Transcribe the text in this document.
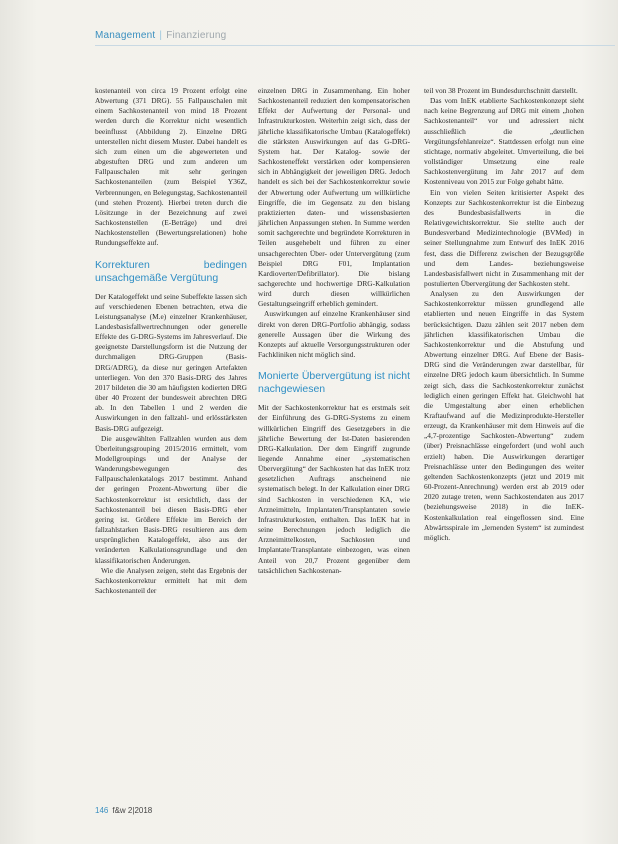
Management | Finanzierung

kostenanteil von circa 19 Prozent erfolgt eine Abwertung (371 DRG). 55 Fallpauschalen mit einem Sachkostenanteil von mind 18 Prozent werden durch die Korrektur nicht wesentlich beeinflusst (Abbildung 2). Einzelne DRG unterstellen nicht diesem Muster. Dabei handelt es sich zum einen um die abgewerteten und abgestuften DRG und zum anderen um Fallpauschalen mit sehr geringen Sachkostenanteilen (zum Beispiel Y36Z, Verbrennungen, en Belegungstag, Sachkostenanteil (und stehen Prozent). Hierbei treten durch die Lösitzunge in der Bezeichnung auf zwei Sachkostenstellen (E-Beträge) und drei Nachkostenstellen (Bewertungsrelationen) hohe Rundungseffekte auf.

Korrekturen bedingen unsachgemäße Vergütung

Der Katalogeffekt und seine Subeffekte lassen sich auf verschiedenen Ebenen betrachten, etwa die Leistungsanalyse (M.e) einzelner Krankenhäuser, Landesbasisfallwertrechnungen oder generelle Effekte des G-DRG-Systems im Jahresverlauf. Die geeignetste Darstellungsform ist die Nutzung der durchmaligen DRG-Gruppen (Basis-DRG/ADRG), da diese nur geringen Artefakten unterliegen. Von den 370 Basis-DRG des Jahres 2017 bildeten die 30 am häufigsten kodierten DRG über 40 Prozent der bundesweit abrechten DRG ab. In den Tabellen 1 und 2 werden die Auswirkungen in den fallzahl- und erlösstärksten Basis-DRG aufgezeigt.

Die ausgewählten Fallzahlen wurden aus dem Überleitungsgrouping 2015/2016 ermittelt, vom Modellgroupings und der Analyse der Wanderungsbewegungen des Fallpauschalenkatalogs 2017 bestimmt. Anhand der geringen Prozent-Abwertung über die Sachkostenkorrektur ist ersichtlich, dass der Sachkostenanteil bei diesen Basis-DRG eher gering ist. Größere Effekte im Bereich der fallzahlstarken Basis-DRG resultieren aus dem ursprünglichen Katalogeffekt, also aus der veränderten Kalkulationsgrundlage und den klassifikatorischen Änderungen.

Wie die Analysen zeigen, steht das Ergebnis der Sachkostenkorrektur ermittelt hat mit dem Sachkostenanteil der

einzelnen DRG in Zusammenhang. Ein hoher Sachkostenanteil reduziert den kompensatorischen Effekt der Aufwertung der Personal- und Infrastrukturkosten. Weiterhin zeigt sich, dass der jährliche klassifikatorische Umbau (Katalogeffekt) die stärksten Auswirkungen auf das G-DRG-System hat. Der Katalog- sowie der Sachkosteneffekt verstärken oder kompensieren sich in Abhängigkeit der jeweiligen DRG. Jedoch handelt es sich bei der Sachkostenkorrektur sowie der Abwertung oder Aufwertung um willkürliche Eingriffe, die im Gegensatz zu den bislang praktizierten daten- und wissensbasierten jährlichen Anpassungen stehen. In Summe werden somit sachgerechte und begründete Korrekturen in Teilen ausgehebelt und führen zu einer unsachgerechten Über- oder Untervergütung (zum Beispiel DRG F01, Implantation Kardioverter/Defibrillator). Die bislang sachgerechte und hochwertige DRG-Kalkulation wird durch diesen willkürlichen Gestaltungseingriff erheblich gemindert.

Auswirkungen auf einzelne Krankenhäuser sind direkt von deren DRG-Portfolio abhängig, sodass generelle Aussagen über die Wirkung des Konzepts auf aktuelle Versorgungsstrukturen oder Fachkliniken nicht möglich sind.

Monierte Übervergütung ist nicht nachgewiesen

Mit der Sachkostenkorrektur hat es erstmals seit der Einführung des G-DRG-Systems zu einem willkürlichen Eingriff des Gesetzgebers in die jährliche Bewertung der Ist-Daten basierenden DRG-Kalkulation. Der dem Eingriff zugrunde liegende Annahme einer „systematischen Übervergütung“ der Sachkosten hat das InEK trotz gesetzlichen Auftrags anscheinend nie systematisch belegt. In der Kalkulation einer DRG sind Sachkosten in verschiedenen KA, wie Arzneimitteln, Implantaten/Transplantaten sowie Infrastrukturkosten, enthalten. Das InEK hat in seine Berechnungen jedoch lediglich die Arzneimittelkosten, Sachkosten und Implantate/Transplantate einbezogen, was einen Anteil von 20,7 Prozent gegenüber dem tatsächlichen Sachkostenan-

teil von 38 Prozent im Bundesdurchschnitt darstellt.

Das vom InEK etablierte Sachkostenkonzept sieht nach keine Begrenzung auf DRG mit einem „hohen Sachkostenanteil“ vor und adressiert nicht ausschließlich die „deutlichen Vergütungsfehlanreize“. Stattdessen erfolgt nun eine stichtage, normativ abgeleitet. Umverteilung, die bei vollständiger Umsetzung eine reale Sachkostenvergütung im Jahr 2017 auf dem Kostenniveau von 2015 zur Folge gehabt hätte.

Ein von vielen Seiten kritisierter Aspekt des Konzepts zur Sachkostenkorrektur ist die Einbezug des Bundesbasisfallwerts in die Relativgewichtskorrektur. Sie stellte auch der Bundesverband Medizintechnologie (BVMed) in seiner Stellungnahme zum Entwurf des InEK 2016 fest, dass die Differenz zwischen der Bezugsgröße und dem Landes- beziehungsweise Landesbasisfallwert nicht in Zusammenhang mit der postulierten Übervergütung der Sachkosten steht.

Analysen zu den Auswirkungen der Sachkostenkorrektur müssen grundlegend alle etablierten und neuen Eingriffe in das System berücksichtigen. Dazu zählen seit 2017 neben dem jährlichen klassifikatorischen Umbau die Sachkostenkorrektur und die Abstufung und Abwertung einzelner DRG. Auf Ebene der Basis-DRG sind die Veränderungen zwar darstellbar, für einzelne DRG jedoch kaum übersichtlich. In Summe zeigt sich, dass die Sachkostenkorrektur zunächst lediglich einen geringen Effekt hat. Gleichwohl hat die Umgestaltung aber einen erheblichen Kraftaufwand auf die Medizinprodukte-Hersteller erzeugt, da Krankenhäuser mit dem Hinweis auf die „4,7-prozentige Sachkosten-Abwertung“ zudem (über) Preisnachlässe eingefordert (und wohl auch erzielt) haben. Die Auswirkungen derartiger Preisnachlässe unter den Bedingungen des weiter geltenden Sachkostenkonzepts (jetzt und 2019 mit 60-Prozent-Anrechnung) werden erst ab 2019 oder 2020 zutage treten, wenn Sachkostendaten aus 2017 (beziehungsweise 2018) in die InEK-Kostenkalkulation real eingeflossen sind. Eine Abwärtsspirale im „lernenden System“ ist zumindest möglich.

146 f&w 2|2018
